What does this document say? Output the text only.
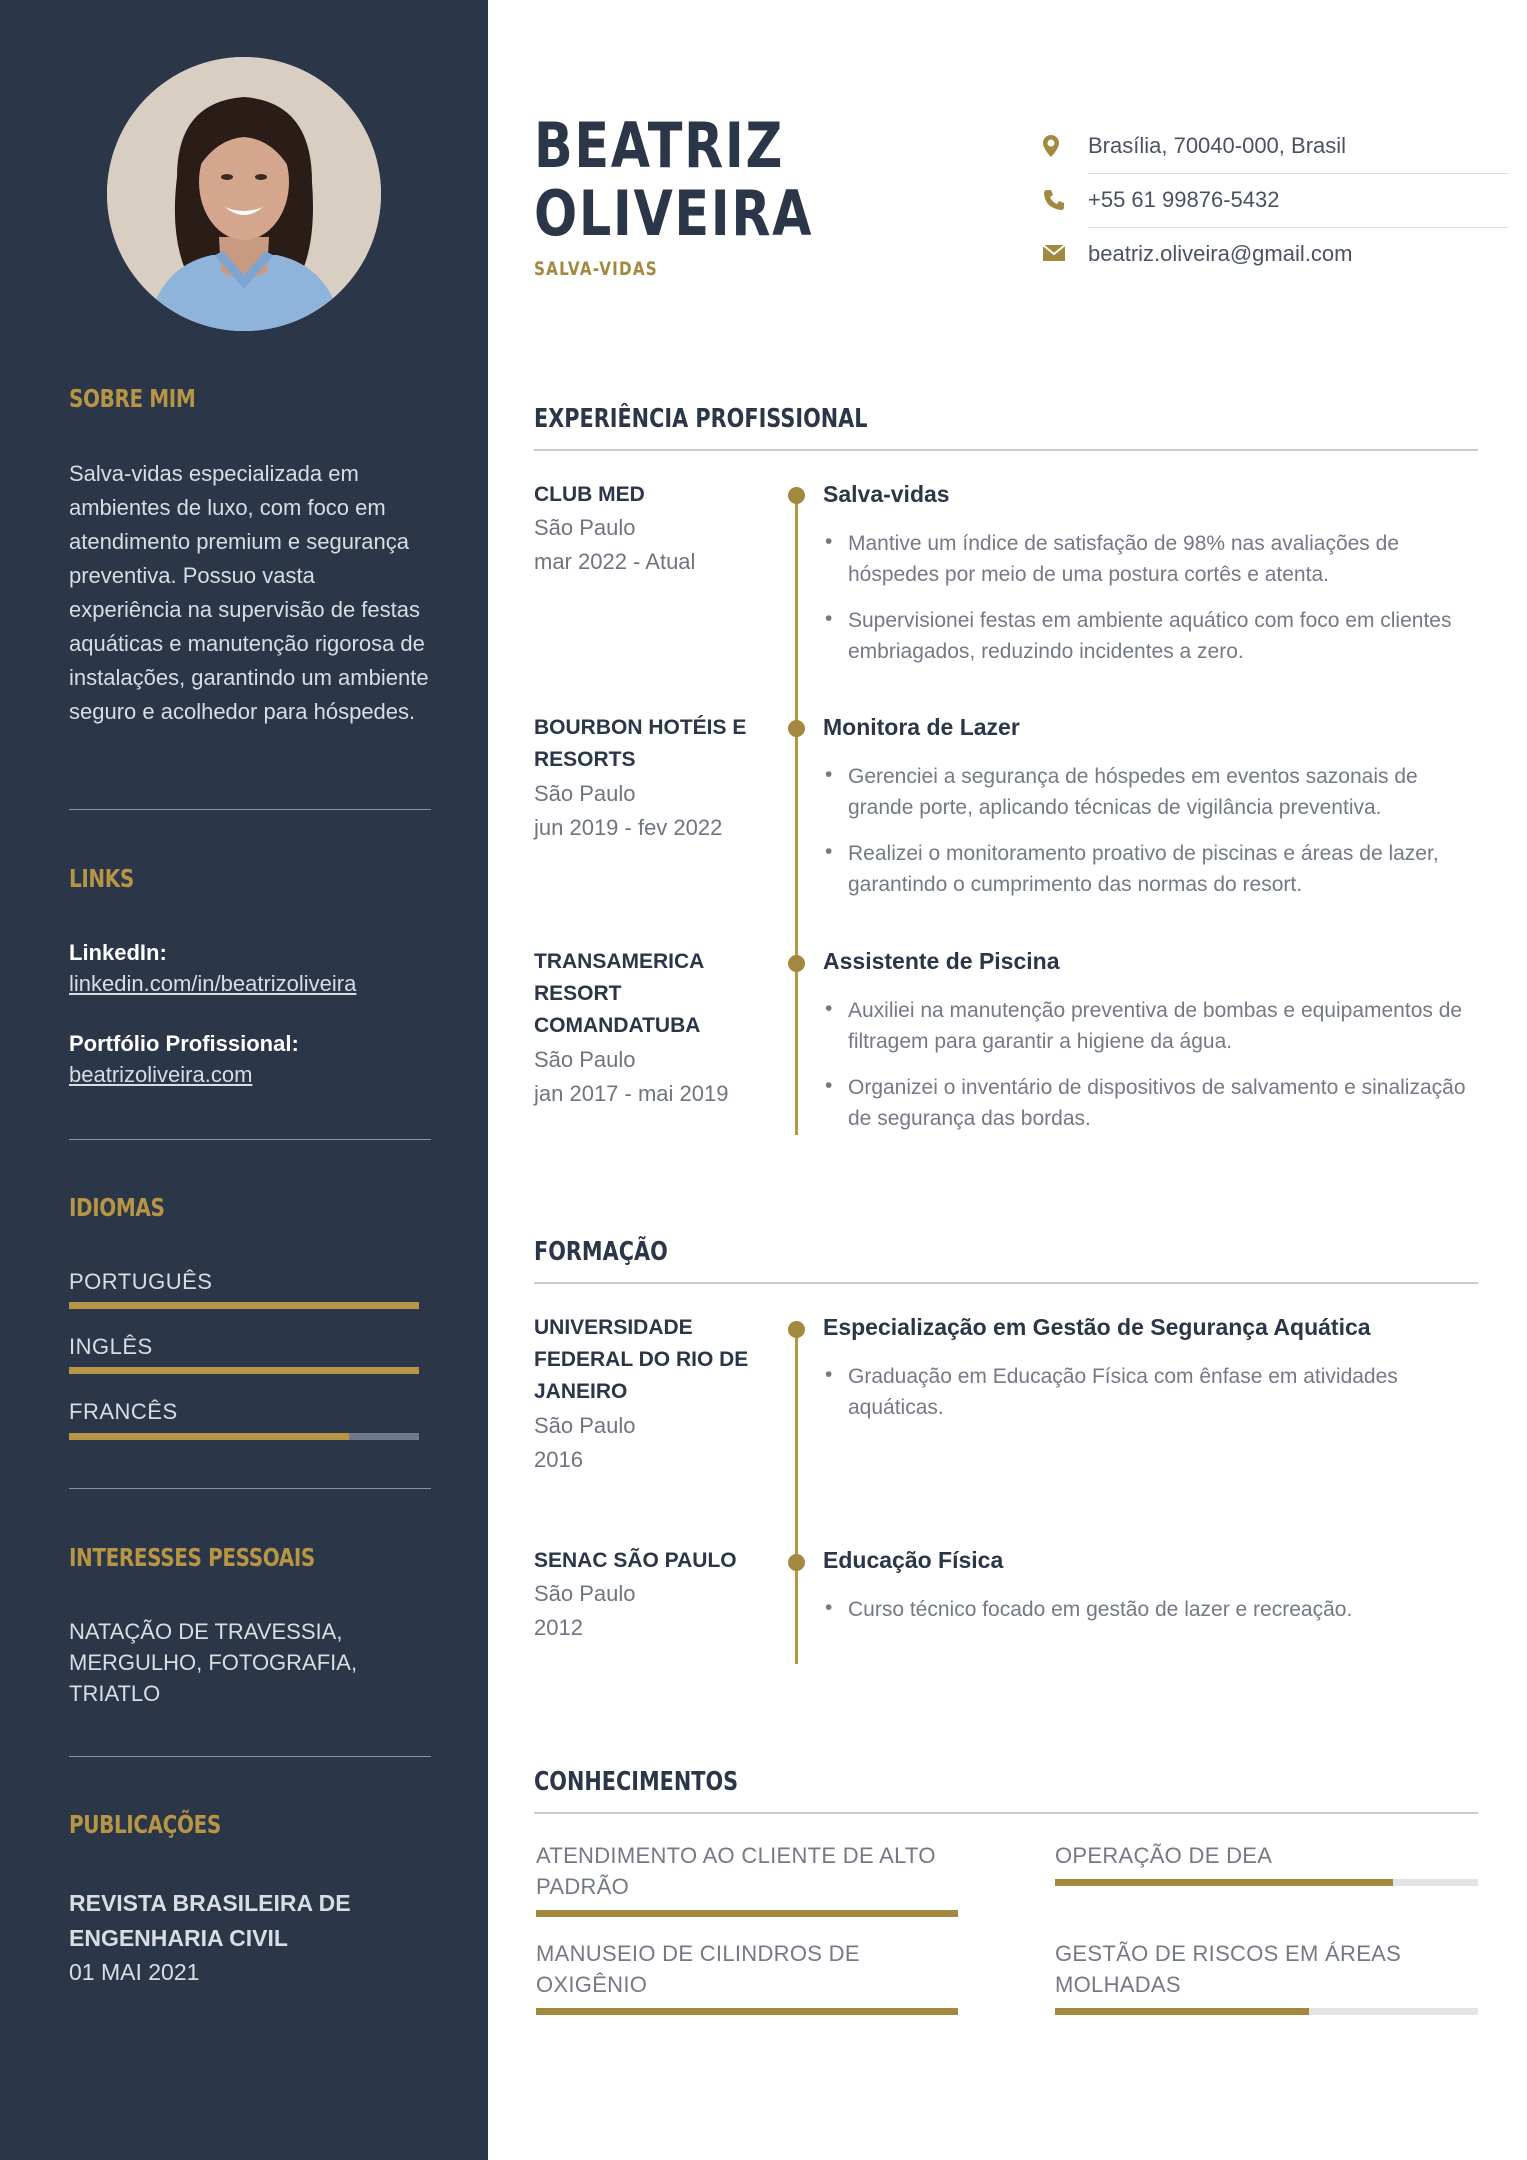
SOBRE MIM
Salva-vidas especializada em ambientes de luxo, com foco em atendimento premium e segurança preventiva. Possuo vasta experiência na supervisão de festas aquáticas e manutenção rigorosa de instalações, garantindo um ambiente seguro e acolhedor para hóspedes.
LINKS
LinkedIn:
linkedin.com/in/beatrizoliveira
Portfólio Profissional:
beatrizoliveira.com
IDIOMAS
PORTUGUÊS
INGLÊS
FRANCÊS
INTERESSES PESSOAIS
NATAÇÃO DE TRAVESSIA, MERGULHO, FOTOGRAFIA, TRIATLO
PUBLICAÇÕES
REVISTA BRASILEIRA DE ENGENHARIA CIVIL
01 MAI 2021
BEATRIZ
OLIVEIRA
SALVA-VIDAS
Brasília, 70040-000, Brasil
+55 61 99876-5432
beatriz.oliveira@gmail.com
EXPERIÊNCIA PROFISSIONAL
CLUB MED
São Paulo
mar 2022 - Atual
Salva-vidas
• Mantive um índice de satisfação de 98% nas avaliações de hóspedes por meio de uma postura cortês e atenta.
• Supervisionei festas em ambiente aquático com foco em clientes embriagados, reduzindo incidentes a zero.
BOURBON HOTÉIS E RESORTS
São Paulo
jun 2019 - fev 2022
Monitora de Lazer
• Gerenciei a segurança de hóspedes em eventos sazonais de grande porte, aplicando técnicas de vigilância preventiva.
• Realizei o monitoramento proativo de piscinas e áreas de lazer, garantindo o cumprimento das normas do resort.
TRANSAMERICA RESORT COMANDATUBA
São Paulo
jan 2017 - mai 2019
Assistente de Piscina
• Auxiliei na manutenção preventiva de bombas e equipamentos de filtragem para garantir a higiene da água.
• Organizei o inventário de dispositivos de salvamento e sinalização de segurança das bordas.
FORMAÇÃO
UNIVERSIDADE FEDERAL DO RIO DE JANEIRO
São Paulo
2016
Especialização em Gestão de Segurança Aquática
• Graduação em Educação Física com ênfase em atividades aquáticas.
SENAC SÃO PAULO
São Paulo
2012
Educação Física
• Curso técnico focado em gestão de lazer e recreação.
CONHECIMENTOS
ATENDIMENTO AO CLIENTE DE ALTO PADRÃO
OPERAÇÃO DE DEA
MANUSEIO DE CILINDROS DE OXIGÊNIO
GESTÃO DE RISCOS EM ÁREAS MOLHADAS
